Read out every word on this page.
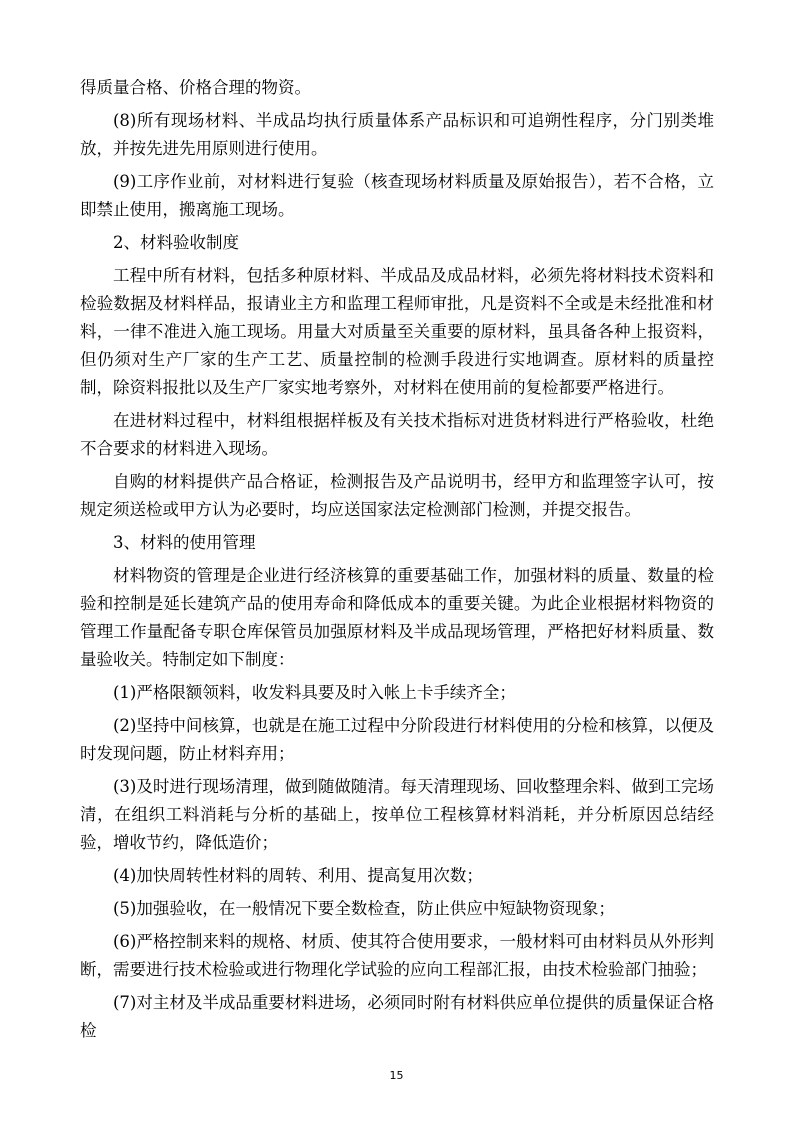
得质量合格、价格合理的物资。

(8)所有现场材料、半成品均执行质量体系产品标识和可追朔性程序，分门别类堆放，并按先进先用原则进行使用。

(9)工序作业前，对材料进行复验（核查现场材料质量及原始报告），若不合格，立即禁止使用，搬离施工现场。

2、材料验收制度

工程中所有材料，包括多种原材料、半成品及成品材料，必须先将材料技术资料和检验数据及材料样品，报请业主方和监理工程师审批，凡是资料不全或是未经批准和材料，一律不准进入施工现场。用量大对质量至关重要的原材料，虽具备各种上报资料，但仍须对生产厂家的生产工艺、质量控制的检测手段进行实地调查。原材料的质量控制，除资料报批以及生产厂家实地考察外，对材料在使用前的复检都要严格进行。

在进材料过程中，材料组根据样板及有关技术指标对进货材料进行严格验收，杜绝不合要求的材料进入现场。

自购的材料提供产品合格证，检测报告及产品说明书，经甲方和监理签字认可，按规定须送检或甲方认为必要时，均应送国家法定检测部门检测，并提交报告。

3、材料的使用管理

材料物资的管理是企业进行经济核算的重要基础工作，加强材料的质量、数量的检验和控制是延长建筑产品的使用寿命和降低成本的重要关键。为此企业根据材料物资的管理工作量配备专职仓库保管员加强原材料及半成品现场管理，严格把好材料质量、数量验收关。特制定如下制度：

(1)严格限额领料，收发料具要及时入帐上卡手续齐全；

(2)坚持中间核算，也就是在施工过程中分阶段进行材料使用的分检和核算，以便及时发现问题，防止材料弃用；

(3)及时进行现场清理，做到随做随清。每天清理现场、回收整理余料、做到工完场清，在组织工料消耗与分析的基础上，按单位工程核算材料消耗，并分析原因总结经验，增收节约，降低造价；

(4)加快周转性材料的周转、利用、提高复用次数；

(5)加强验收，在一般情况下要全数检查，防止供应中短缺物资现象；

(6)严格控制来料的规格、材质、使其符合使用要求，一般材料可由材料员从外形判断，需要进行技术检验或进行物理化学试验的应向工程部汇报，由技术检验部门抽验；

(7)对主材及半成品重要材料进场，必须同时附有材料供应单位提供的质量保证合格检

15
